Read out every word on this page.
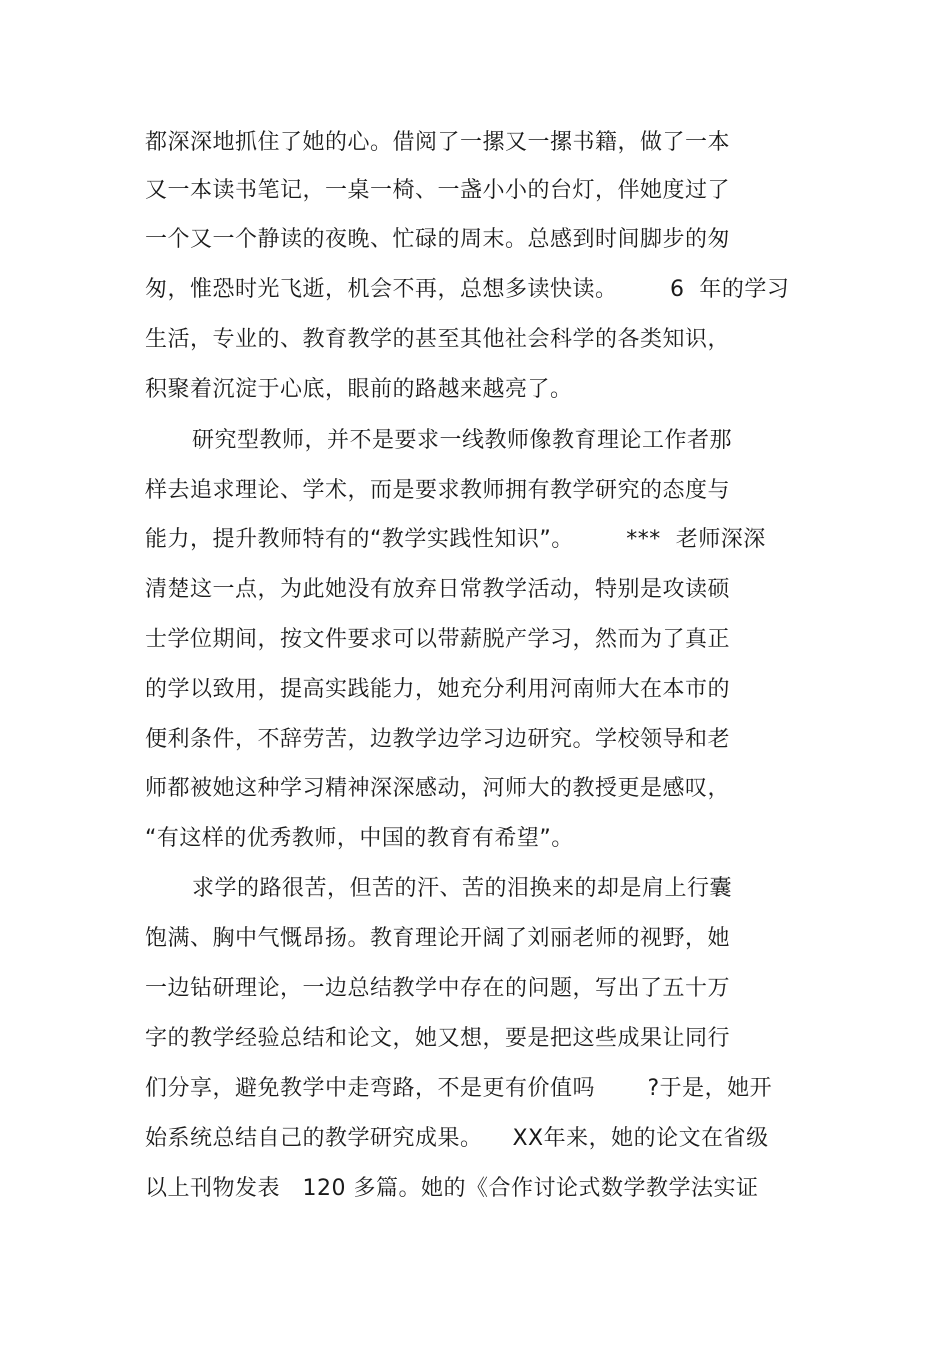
都深深地抓住了她的心。借阅了一摞又一摞书籍，做了一本
又一本读书笔记，一桌一椅、一盏小小的台灯，伴她度过了
一个又一个静读的夜晚、忙碌的周末。总感到时间脚步的匆
匆，惟恐时光飞逝，机会不再，总想多读快读。       6  年的学习
生活，专业的、教育教学的甚至其他社会科学的各类知识，
积聚着沉淀于心底，眼前的路越来越亮了。
研究型教师，并不是要求一线教师像教育理论工作者那
样去追求理论、学术，而是要求教师拥有教学研究的态度与
能力，提升教师特有的“教学实践性知识”。       ***  老师深深
清楚这一点，为此她没有放弃日常教学活动，特别是攻读硕
士学位期间，按文件要求可以带薪脱产学习，然而为了真正
的学以致用，提高实践能力，她充分利用河南师大在本市的
便利条件，不辞劳苦，边教学边学习边研究。学校领导和老
师都被她这种学习精神深深感动，河师大的教授更是感叹，
“有这样的优秀教师，中国的教育有希望”。
求学的路很苦，但苦的汗、苦的泪换来的却是肩上行囊
饱满、胸中气慨昂扬。教育理论开阔了刘丽老师的视野，她
一边钻研理论，一边总结教学中存在的问题，写出了五十万
字的教学经验总结和论文，她又想，要是把这些成果让同行
们分享，避免教学中走弯路，不是更有价值吗       ?于是，她开
始系统总结自己的教学研究成果。    XX年来，她的论文在省级
以上刊物发表   120 多篇。她的《合作讨论式数学教学法实证
